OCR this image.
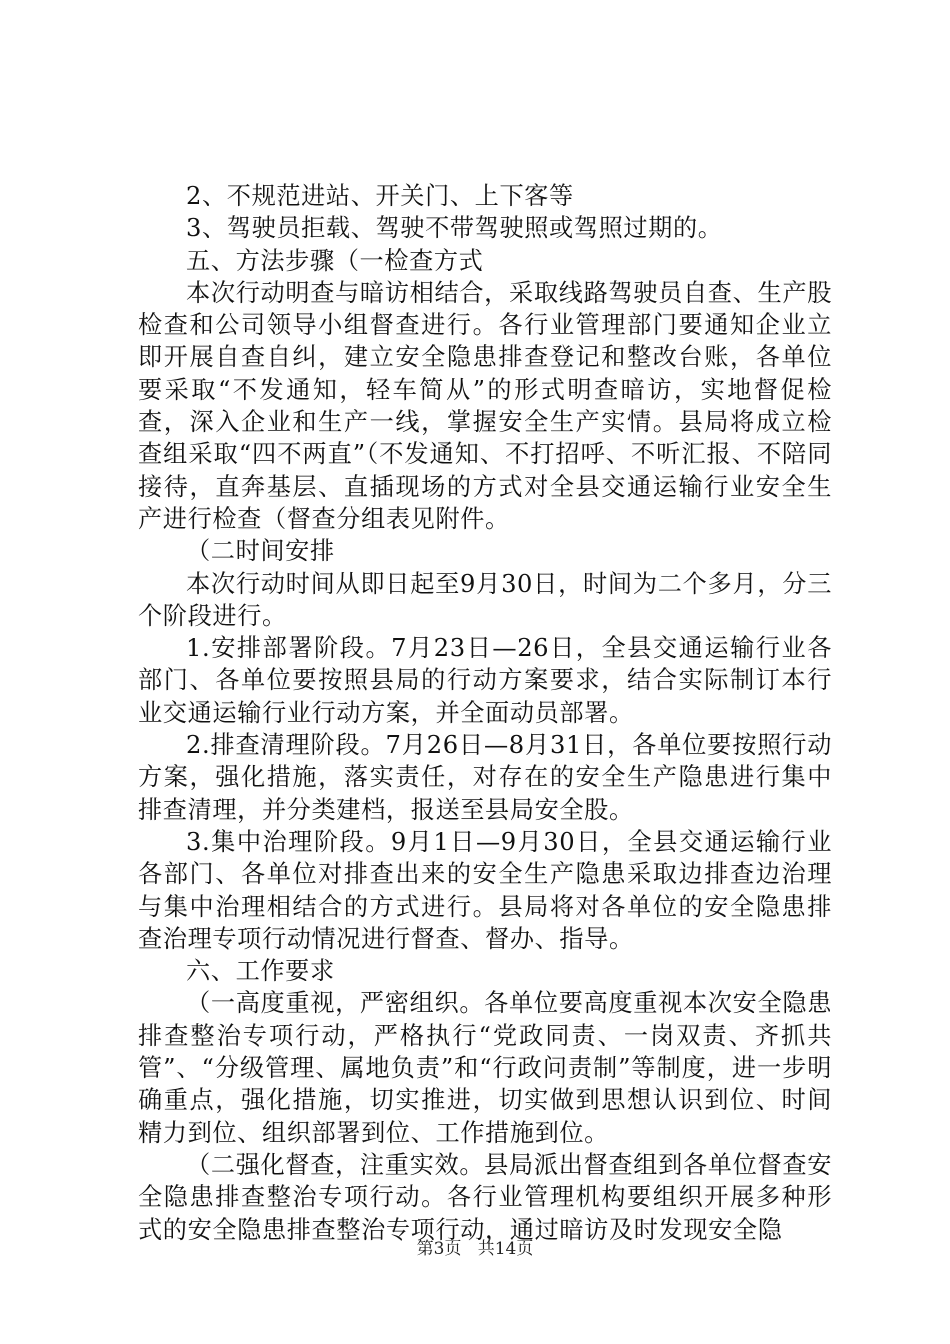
2、不规范进站、开关门、上下客等

3、驾驶员拒载、驾驶不带驾驶照或驾照过期的。

五、方法步骤（一检查方式

本次行动明查与暗访相结合，采取线路驾驶员自查、生产股检查和公司领导小组督查进行。各行业管理部门要通知企业立即开展自查自纠，建立安全隐患排查登记和整改台账，各单位要采取“不发通知，轻车简从”的形式明查暗访，实地督促检查，深入企业和生产一线，掌握安全生产实情。县局将成立检查组采取“四不两直”（不发通知、不打招呼、不听汇报、不陪同接待，直奔基层、直插现场的方式对全县交通运输行业安全生产进行检查（督查分组表见附件。

（二时间安排

本次行动时间从即日起至9月30日，时间为二个多月，分三个阶段进行。

1.安排部署阶段。7月23日—26日，全县交通运输行业各部门、各单位要按照县局的行动方案要求，结合实际制订本行业交通运输行业行动方案，并全面动员部署。

2.排查清理阶段。7月26日—8月31日，各单位要按照行动方案，强化措施，落实责任，对存在的安全生产隐患进行集中排查清理，并分类建档，报送至县局安全股。

3.集中治理阶段。9月1日—9月30日，全县交通运输行业各部门、各单位对排查出来的安全生产隐患采取边排查边治理与集中治理相结合的方式进行。县局将对各单位的安全隐患排查治理专项行动情况进行督查、督办、指导。

六、工作要求

（一高度重视，严密组织。各单位要高度重视本次安全隐患排查整治专项行动，严格执行“党政同责、一岗双责、齐抓共管”、“分级管理、属地负责”和“行政问责制”等制度，进一步明确重点，强化措施，切实推进，切实做到思想认识到位、时间精力到位、组织部署到位、工作措施到位。

（二强化督查，注重实效。县局派出督查组到各单位督查安全隐患排查整治专项行动。各行业管理机构要组织开展多种形式的安全隐患排查整治专项行动，通过暗访及时发现安全隐

第3页 共14页
